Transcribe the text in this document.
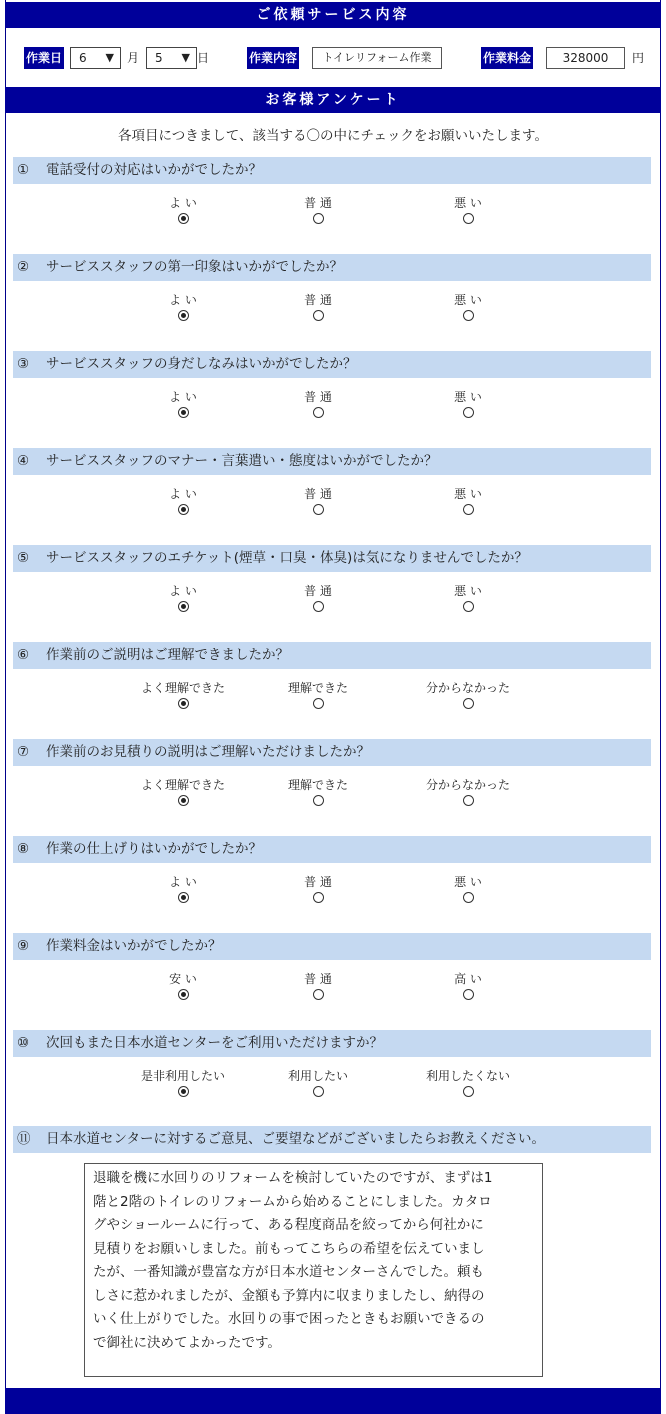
ご依頼サービス内容
作業日	6 ▼ 月	5 ▼ 日	作業内容	トイレリフォーム作業	作業料金	328000	円
お客様アンケート
各項目につきまして、該当する〇の中にチェックをお願いいたします。
① 電話受付の対応はいかがでしたか？
よ い	普 通	悪 い
② サービススタッフの第一印象はいかがでしたか？
よ い	普 通	悪 い
③ サービススタッフの身だしなみはいかがでしたか？
よ い	普 通	悪 い
④ サービススタッフのマナー・言葉遣い・態度はいかがでしたか？
よ い	普 通	悪 い
⑤ サービススタッフのエチケット(煙草・口臭・体臭)は気になりませんでしたか？
よ い	普 通	悪 い
⑥ 作業前のご説明はご理解できましたか？
よく理解できた	理解できた	分からなかった
⑦ 作業前のお見積りの説明はご理解いただけましたか？
よく理解できた	理解できた	分からなかった
⑧ 作業の仕上げりはいかがでしたか？
よ い	普 通	悪 い
⑨ 作業料金はいかがでしたか？
安 い	普 通	高 い
⑩ 次回もまた日本水道センターをご利用いただけますか？
是非利用したい	利用したい	利用したくない
⑪ 日本水道センターに対するご意見、ご要望などがございましたらお教えください。
退職を機に水回りのリフォームを検討していたのですが、まずは1
階と2階のトイレのリフォームから始めることにしました。カタロ
グやショールームに行って、ある程度商品を絞ってから何社かに
見積りをお願いしました。前もってこちらの希望を伝えていまし
たが、一番知識が豊富な方が日本水道センターさんでした。頼も
しさに惹かれましたが、金額も予算内に収まりましたし、納得の
いく仕上がりでした。水回りの事で困ったときもお願いできるの
で御社に決めてよかったです。
